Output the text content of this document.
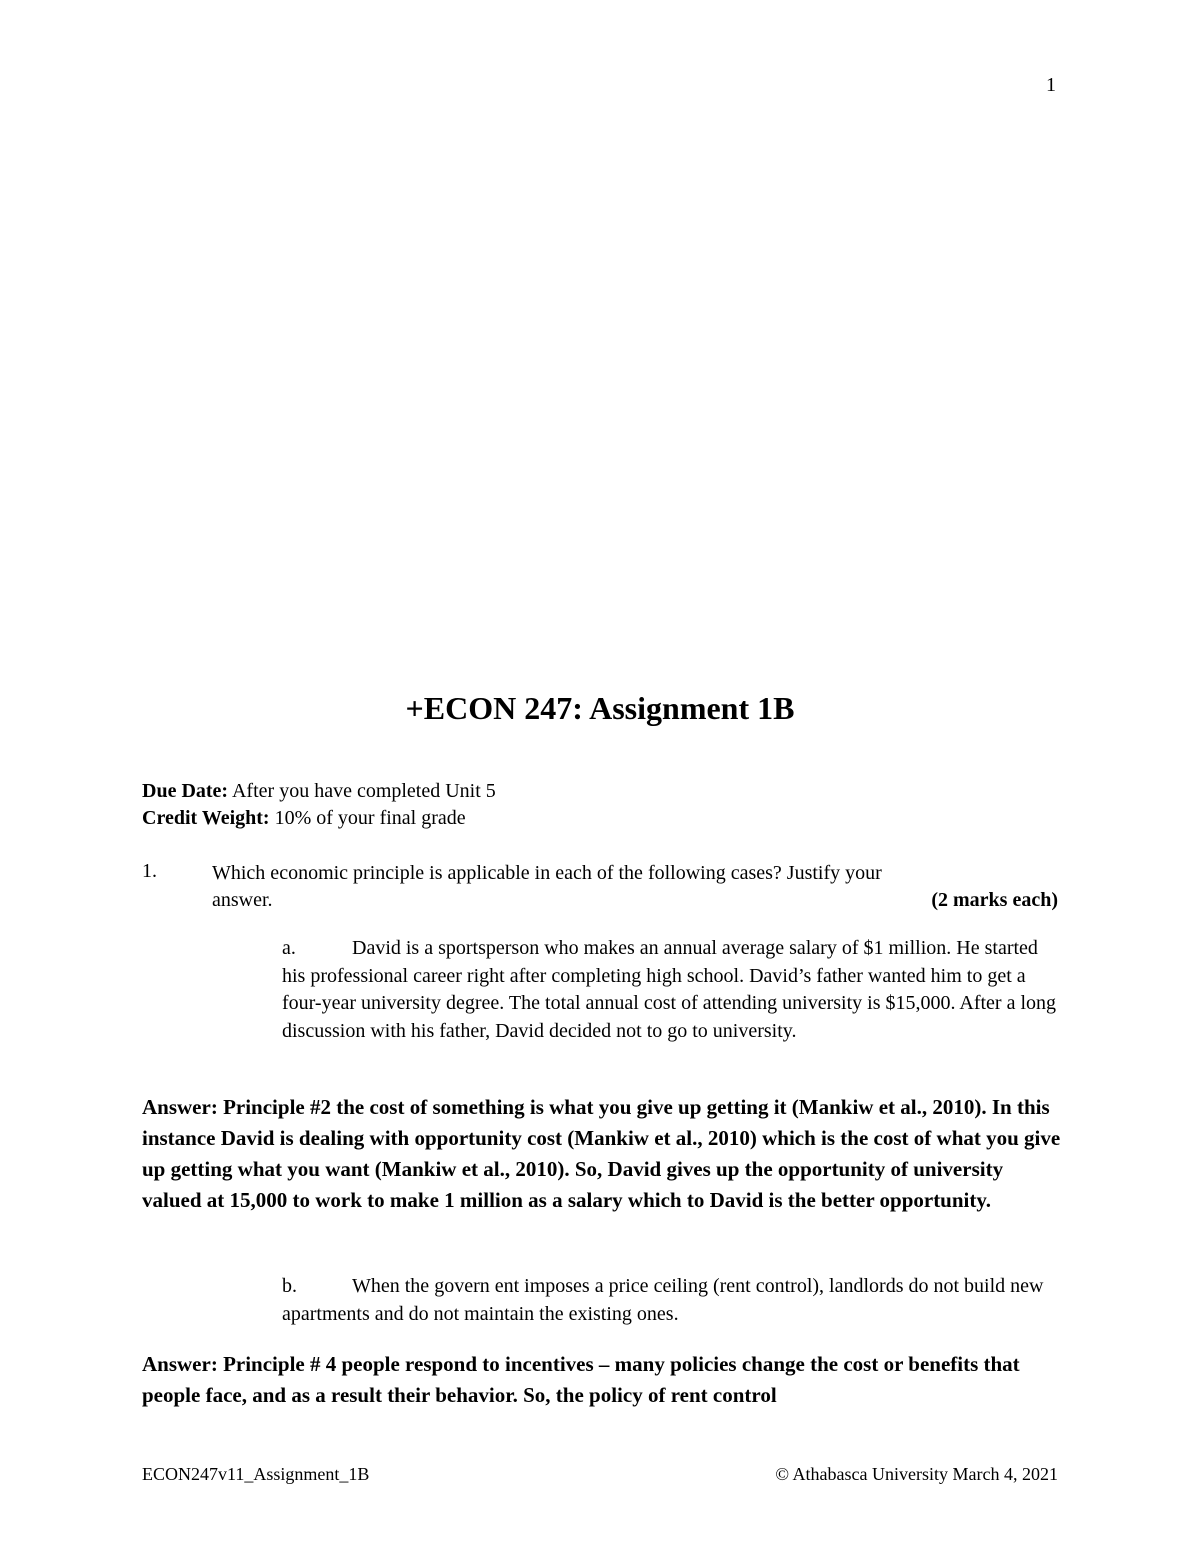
1
+ECON 247: Assignment 1B
Due Date: After you have completed Unit 5
Credit Weight: 10% of your final grade
1.	Which economic principle is applicable in each of the following cases? Justify your
answer.	(2 marks each)
a.	David is a sportsperson who makes an annual average salary of $1 million. He started his professional career right after completing high school. David’s father wanted him to get a four-year university degree. The total annual cost of attending university is $15,000. After a long discussion with his father, David decided not to go to university.
Answer: Principle #2 the cost of something is what you give up getting it (Mankiw et al., 2010). In this instance David is dealing with opportunity cost (Mankiw et al., 2010) which is the cost of what you give up getting what you want (Mankiw et al., 2010). So, David gives up the opportunity of university valued at 15,000 to work to make 1 million as a salary which to David is the better opportunity.
b.	When the govern ent imposes a price ceiling (rent control), landlords do not build new apartments and do not maintain the existing ones.
Answer: Principle # 4 people respond to incentives – many policies change the cost or benefits that people face, and as a result their behavior. So, the policy of rent control
ECON247v11_Assignment_1B	© Athabasca University March 4, 2021
